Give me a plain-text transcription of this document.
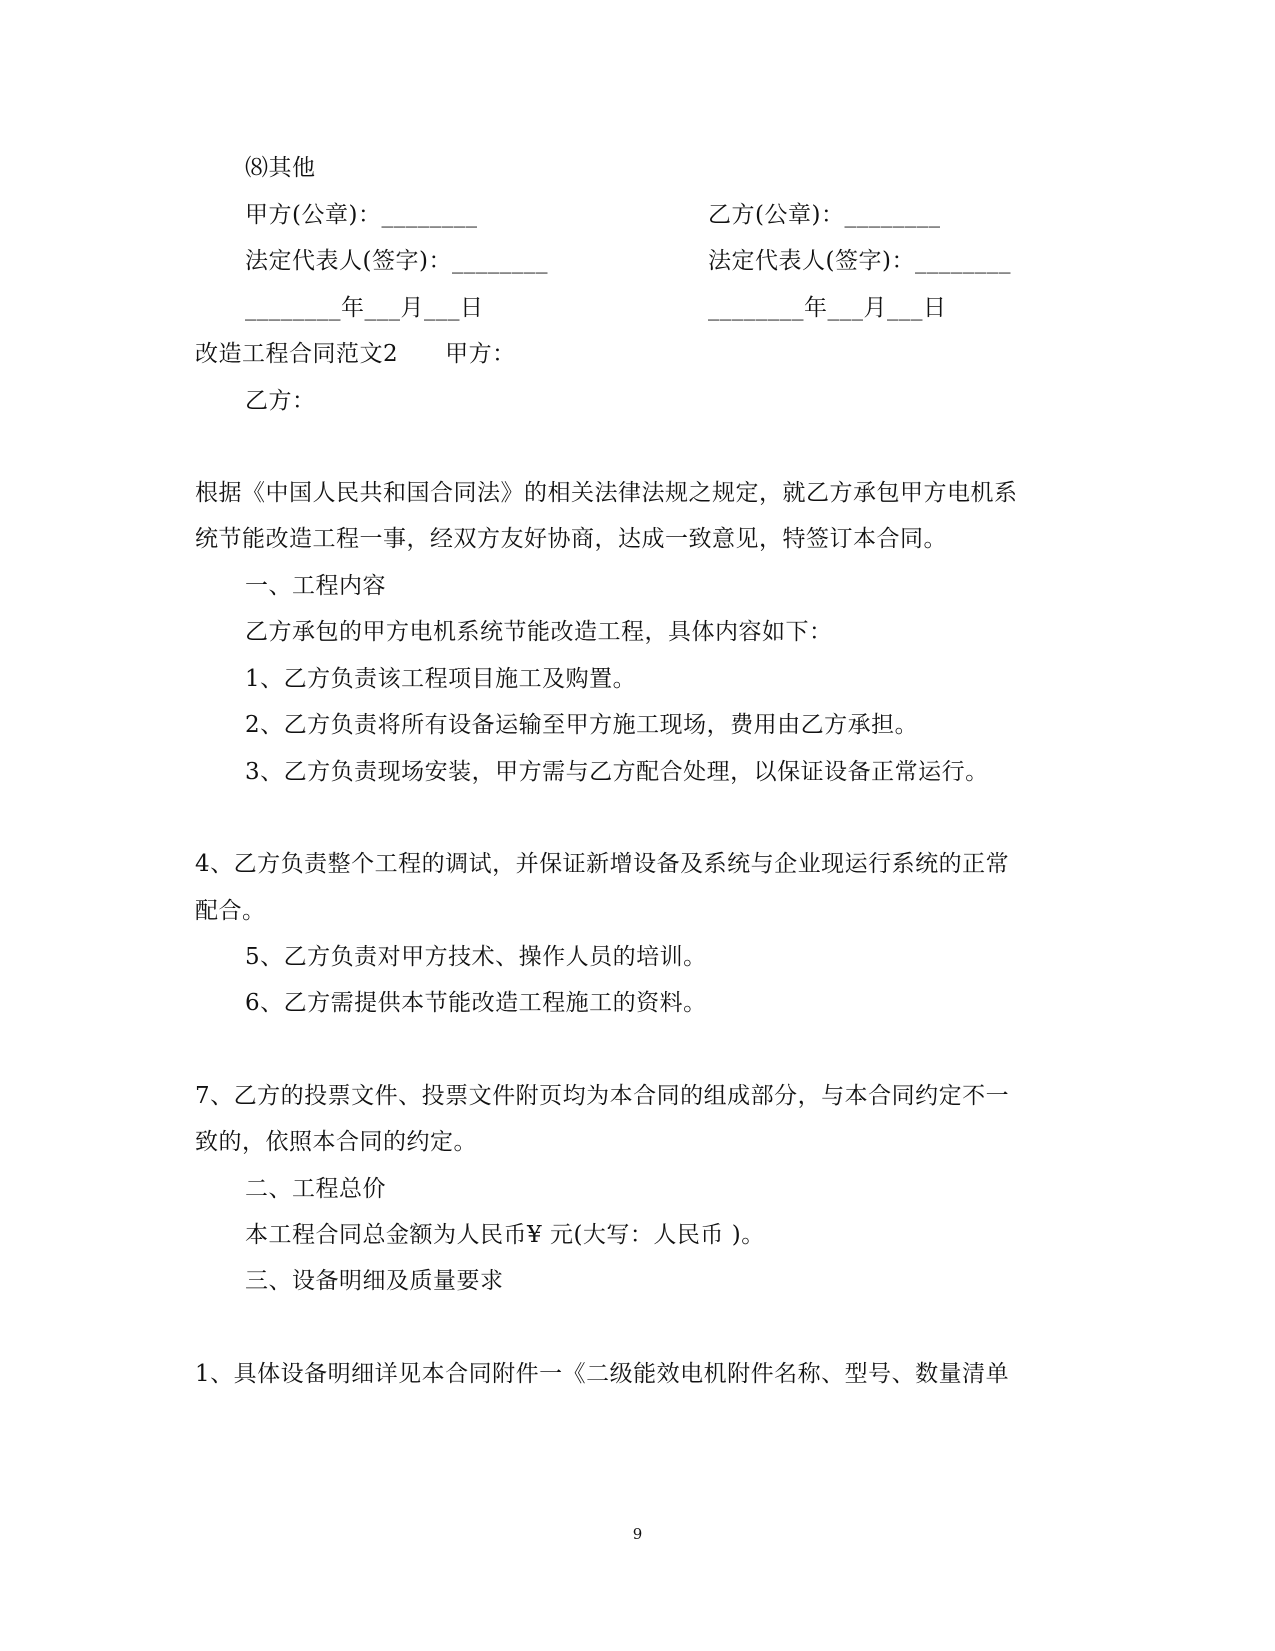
⑻其他
甲方(公章)：________	乙方(公章)：________
法定代表人(签字)：________	法定代表人(签字)：________
________年___月___日	________年___月___日
改造工程合同范文2　　甲方：
乙方：
根据《中国人民共和国合同法》的相关法律法规之规定，就乙方承包甲方电机系
统节能改造工程一事，经双方友好协商，达成一致意见，特签订本合同。
一、工程内容
乙方承包的甲方电机系统节能改造工程，具体内容如下：
1、乙方负责该工程项目施工及购置。
2、乙方负责将所有设备运输至甲方施工现场，费用由乙方承担。
3、乙方负责现场安装，甲方需与乙方配合处理，以保证设备正常运行。
4、乙方负责整个工程的调试，并保证新增设备及系统与企业现运行系统的正常
配合。
5、乙方负责对甲方技术、操作人员的培训。
6、乙方需提供本节能改造工程施工的资料。
7、乙方的投票文件、投票文件附页均为本合同的组成部分，与本合同约定不一
致的，依照本合同的约定。
二、工程总价
本工程合同总金额为人民币¥ 元(大写：人民币 )。
三、设备明细及质量要求
1、具体设备明细详见本合同附件一《二级能效电机附件名称、型号、数量清单
9
